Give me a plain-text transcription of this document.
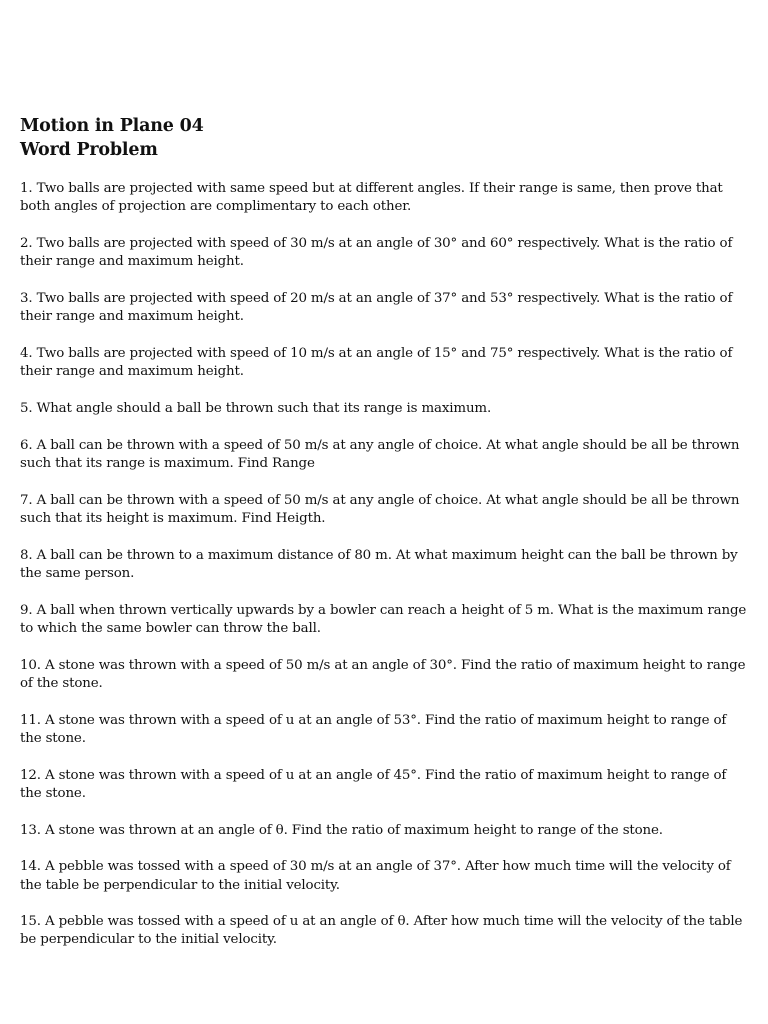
Motion in Plane 04
Word Problem
1. Two balls are projected with same speed but at different angles. If their range is same, then prove that both angles of projection are complimentary to each other.
2. Two balls are projected with speed of 30 m/s at an angle of 30° and 60° respectively. What is the ratio of their range and maximum height.
3. Two balls are projected with speed of 20 m/s at an angle of 37° and 53° respectively. What is the ratio of their range and maximum height.
4. Two balls are projected with speed of 10 m/s at an angle of 15° and 75° respectively. What is the ratio of their range and maximum height.
5. What angle should a ball be thrown such that its range is maximum.
6. A ball can be thrown with a speed of 50 m/s at any angle of choice. At what angle should be all be thrown such that its range is maximum. Find Range
7. A ball can be thrown with a speed of 50 m/s at any angle of choice. At what angle should be all be thrown such that its height is maximum. Find Heigth.
8. A ball can be thrown to a maximum distance of 80 m. At what maximum height can the ball be thrown by the same person.
9. A ball when thrown vertically upwards by a bowler can reach a height of 5 m. What is the maximum range to which the same bowler can throw the ball.
10. A stone was thrown with a speed of 50 m/s at an angle of 30°. Find the ratio of maximum height to range of the stone.
11. A stone was thrown with a speed of u at an angle of 53°. Find the ratio of maximum height to range of the stone.
12. A stone was thrown with a speed of u at an angle of 45°. Find the ratio of maximum height to range of the stone.
13. A stone was thrown at an angle of θ. Find the ratio of maximum height to range of the stone.
14. A pebble was tossed with a speed of 30 m/s at an angle of 37°. After how much time will the velocity of the table be perpendicular to the initial velocity.
15. A pebble was tossed with a speed of u at an angle of θ. After how much time will the velocity of the table be perpendicular to the initial velocity.
